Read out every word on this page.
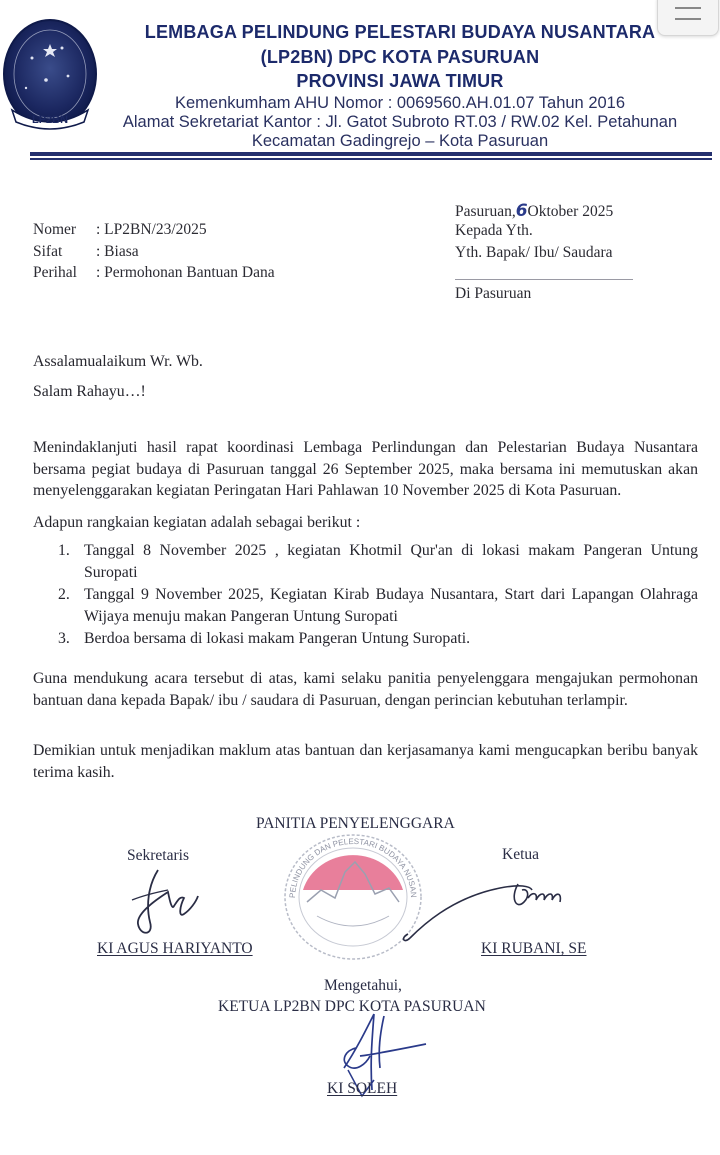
LP2BN
LEMBAGA PELINDUNG PELESTARI BUDAYA NUSANTARA
(LP2BN) DPC KOTA PASURUAN
PROVINSI JAWA TIMUR
Kemenkumham AHU Nomor : 0069560.AH.01.07 Tahun 2016
Alamat Sekretariat Kantor : Jl. Gatot Subroto RT.03 / RW.02 Kel. Petahunan
Kecamatan Gadingrejo – Kota Pasuruan
Nomer : LP2BN/23/2025
Sifat : Biasa
Perihal : Permohonan Bantuan Dana
Pasuruan,6Oktober 2025
Kepada Yth.
Yth. Bapak/ Ibu/ Saudara
Di Pasuruan
Assalamualaikum Wr. Wb.
Salam Rahayu…!
Menindaklanjuti hasil rapat koordinasi Lembaga Perlindungan dan Pelestarian Budaya Nusantara bersama pegiat budaya di Pasuruan tanggal 26 September 2025, maka bersama ini memutuskan akan menyelenggarakan kegiatan Peringatan Hari Pahlawan 10 November 2025 di Kota Pasuruan.
Adapun rangkaian kegiatan adalah sebagai berikut :
1. Tanggal 8 November 2025 , kegiatan Khotmil Qur'an di lokasi makam Pangeran Untung Suropati
2. Tanggal 9 November 2025, Kegiatan Kirab Budaya Nusantara, Start dari Lapangan Olahraga Wijaya menuju makan Pangeran Untung Suropati
3. Berdoa bersama di lokasi makam Pangeran Untung Suropati.
Guna mendukung acara tersebut di atas, kami selaku panitia penyelenggara mengajukan permohonan bantuan dana kepada Bapak/ ibu / saudara di Pasuruan, dengan perincian kebutuhan terlampir.
Demikian untuk menjadikan maklum atas bantuan dan kerjasamanya kami mengucapkan beribu banyak terima kasih.
PANITIA PENYELENGGARA
Sekretaris	Ketua
PELINDUNG DAN PELESTARI BUDAYA NUSAN
KI AGUS HARIYANTO	KI RUBANI, SE
Mengetahui,
KETUA LP2BN DPC KOTA PASURUAN
KI SOLEH
